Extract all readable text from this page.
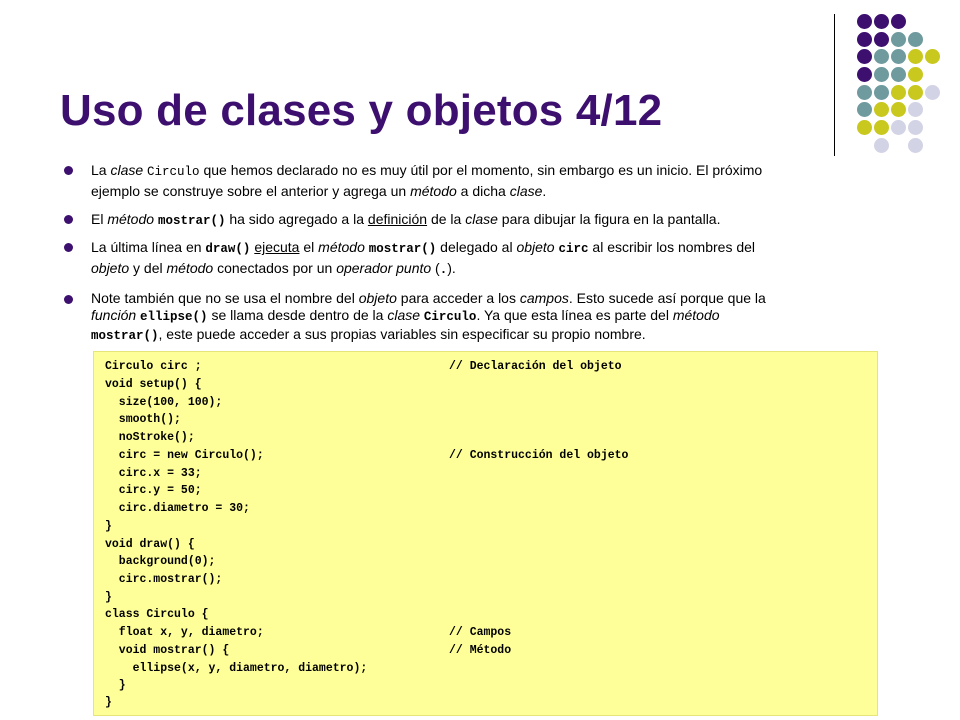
Uso de clases y objetos 4/12
La clase Circulo que hemos declarado no es muy útil por el momento, sin embargo es un inicio. El próximo
ejemplo se construye sobre el anterior y agrega un método a dicha clase.
El método mostrar() ha sido agregado a la definición de la clase para dibujar la figura en la pantalla.
La última línea en draw() ejecuta el método mostrar() delegado al objeto circ al escribir los nombres del
objeto y del método conectados por un operador punto (.).
Note también que no se usa el nombre del objeto para acceder a los campos. Esto sucede así porque que la
función ellipse() se llama desde dentro de la clase Circulo. Ya que esta línea es parte del método
mostrar(), este puede acceder a sus propias variables sin especificar su propio nombre.
Circulo circ ;	// Declaración del objeto
void setup() {
size(100, 100);
smooth();
noStroke();
circ = new Circulo();	// Construcción del objeto
circ.x = 33;
circ.y = 50;
circ.diametro = 30;
}
void draw() {
background(0);
circ.mostrar();
}
class Circulo {
float x, y, diametro;	// Campos
void mostrar() {	// Método
ellipse(x, y, diametro, diametro);
}
}
